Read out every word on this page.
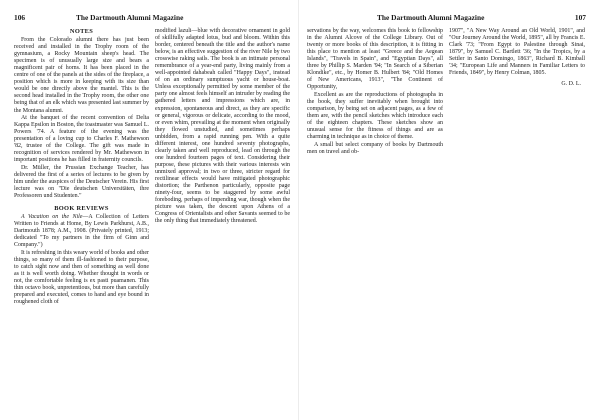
106	The Dartmouth Alumni Magazine
NOTES

From the Colorado alumni there has just been received and installed in the Trophy room of the gymnasium, a Rocky Mountain sheep's head. The specimen is of unusually large size and bears a magnificent pair of horns. It has been placed in the centre of one of the panels at the sides of the fireplace, a position which is more in keeping with its size than would be one directly above the mantel. This is the second head installed in the Trophy room, the other one being that of an elk which was presented last summer by the Montana alumni.

At the banquet of the recent convention of Delta Kappa Epsilon in Boston, the toastmaster was Samuel L. Powers '74. A feature of the evening was the presentation of a loving cup to Charles F. Mathewson '82, trustee of the College. The gift was made in recognition of services rendered by Mr. Mathewson in important positions he has filled in fraternity councils.

Dr. Müller, the Prussian Exchange Teacher, has delivered the first of a series of lectures to be given by him under the auspices of the Deutscher Verein. His first lecture was on "Die deutschen Universitäten, ihre Professoren und Studenten."

BOOK REVIEWS

A Vacation on the Nile—A Collection of Letters Written to Friends at Home, By Lewis Parkhurst, A.B., Dartmouth 1878; A.M., 1908. (Privately printed, 1913; dedicated "To my partners in the firm of Ginn and Company.")

It is refreshing in this weary world of books and other things, so many of them ill-fashioned to their purpose, to catch sight now and then of something as well done as it is well worth doing. Whether thought in words or not, the comfortable feeling is ex pasti puamanen. This thin octavo book, unpretentious, but more than carefully prepared and executed, comes to hand and eye bound in roughened cloth of

modified lazuli—blue with decorative ornament in gold of skillfully adapted lotus, bud and bloom. Within this border, centered beneath the title and the author's name below, is an effective suggestion of the river Nile by two crosswise raking sails. The book is an intimate personal remembrance of a year-end party, living mainly from a well-appointed dahabeah called "Happy Days", instead of on an ordinary sumptuous yacht or house-boat. Unless exceptionally permitted by some member of the party one almost feels himself an intruder by reading the gathered letters and impressions which are, in expression, spontaneous and direct, as they are specific or general, vigorous or delicate, according to the mood, or even whim, prevailing at the moment when originally they flowed unstudied, and sometimes perhaps unbidden, from a rapid running pen. With a quite different interest, one hundred seventy photographs, clearly taken and well reproduced, lead on through the one hundred fourteen pages of text. Considering their purpose, these pictures with their various interests win unmixed approval; in two or three, stricter regard for rectilinear effects would have mitigated photographic distortion; the Parthenon particularly, opposite page ninety-four, seems to be staggered by some awful foreboding, perhaps of impending war, though when the picture was taken, the descent upon Athens of a Congress of Orientalists and other Savants seemed to be the only thing that immediately threatened.

The Dartmouth Alumni Magazine	107

servations by the way, welcomes this book to fellowship in the Alumni Alcove of the College Library. Out of twenty or more books of this description, it is fitting in this place to mention at least "Greece and the Aegean Islands", "Travels in Spain", and "Egyptian Days", all three by Phillip S. Marden '94; "In Search of a Siberian Klondike", etc., by Homer B. Hulbert '84; "Old Homes of New Americans, 1913", "The Continent of Opportunity,

Excellent as are the reproductions of photographs in the book, they suffer inevitably when brought into comparison, by being set on adjacent pages, as a few of them are, with the pencil sketches which introduce each of the eighteen chapters. These sketches show an unusual sense for the fitness of things and are as charming in technique as in choice of theme.

A small but select company of books by Dartmouth men on travel and ob-

1907", "A New Way Around an Old World, 1901", and "Our Journey Around the World, 1895", all by Francis E. Clark '73; "From Egypt to Palestine through Sinai, 1879", by Samuel C. Bartlett '36; "In the Tropics, by a Settler in Santo Domingo, 1863", Richard B. Kimball '34; "European Life and Manners in Familiar Letters to Friends, 1849", by Henry Colman, 1805.

G. D. L.
